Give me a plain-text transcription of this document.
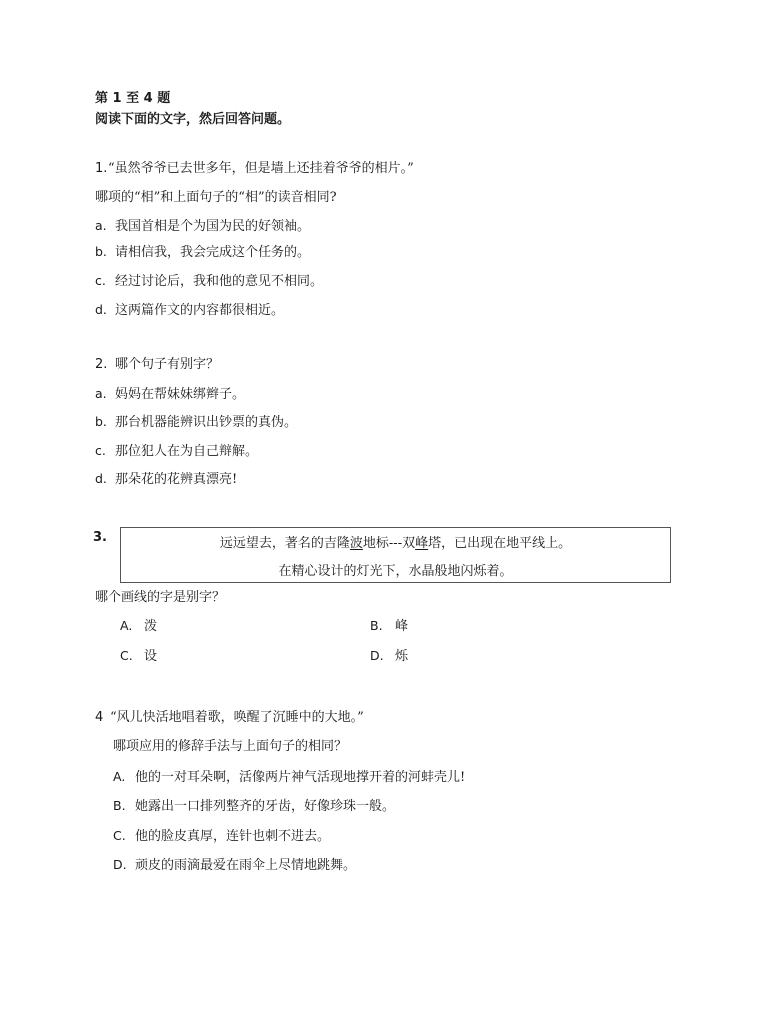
第 1 至 4 题
阅读下面的文字，然后回答问题。
1. “虽然爷爷已去世多年，但是墙上还挂着爷爷的相片。”
哪项的“相”和上面句子的“相”的读音相同?
a. 我国首相是个为国为民的好领袖。
b. 请相信我，我会完成这个任务的。
c. 经过讨论后，我和他的意见不相同。
d. 这两篇作文的内容都很相近。
2. 哪个句子有别字？
a. 妈妈在帮妹妹绑辫子。
b. 那台机器能辨识出钞票的真伪。
c. 那位犯人在为自己辩解。
d. 那朵花的花辨真漂亮!
3.	远远望去，著名的吉隆波地标---双峰塔，已出现在地平线上。
在精心设计的灯光下，水晶般地闪烁着。
哪个画线的字是别字？
A. 泼	B. 峰
C. 设	D. 烁
4 “风儿快活地唱着歌，唤醒了沉睡中的大地。”
哪项应用的修辞手法与上面句子的相同？
A. 他的一对耳朵啊，活像两片神气活现地撑开着的河蚌壳儿!
B. 她露出一口排列整齐的牙齿，好像珍珠一般。
C. 他的脸皮真厚，连针也刺不进去。
D. 顽皮的雨滴最爱在雨伞上尽情地跳舞。
